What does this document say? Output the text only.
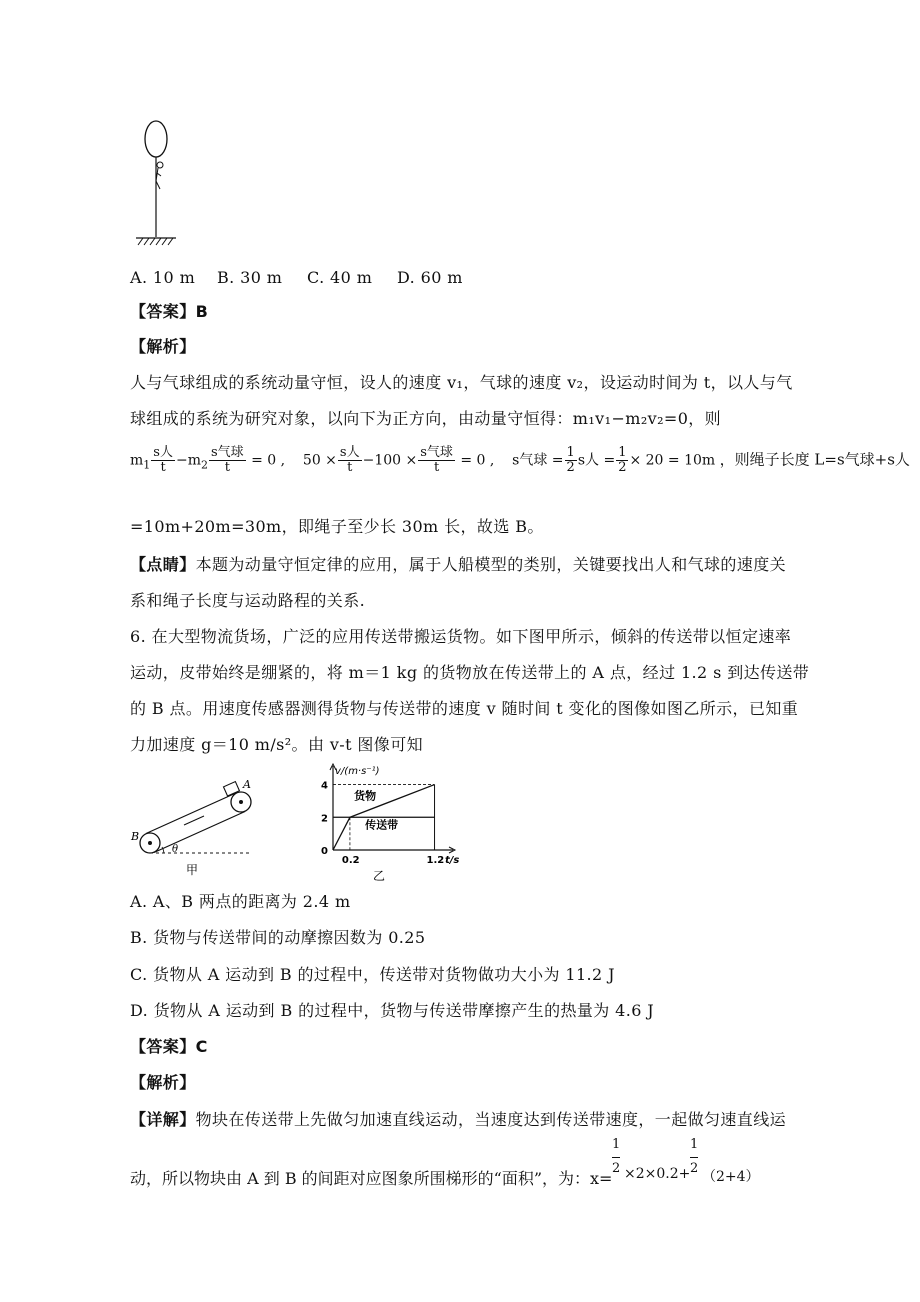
A. 10 m B. 30 m C. 40 m D. 60 m
【答案】B
【解析】
人与气球组成的系统动量守恒，设人的速度 v₁，气球的速度 v₂，设运动时间为 t，以人与气
球组成的系统为研究对象，以向下为正方向，由动量守恒得：m₁v₁−m₂v₂=0，则
$m_1 \frac{\text{s人}}{t} -m_2 \frac{\text{s气球}}{t} = 0$ , $50 \times \frac{\text{s人}}{t} -100 \times \frac{\text{s气球}}{t} = 0$ , s气球 = $\frac{1}{2}$ s人 = $\frac{1}{2} \times 20 = 10m$ ，则绳子长度 L=s气球+s人
=10m+20m=30m，即绳子至少长 30m 长，故选 B。
【点睛】本题为动量守恒定律的应用，属于人船模型的类别，关键要找出人和气球的速度关
系和绳子长度与运动路程的关系.
6. 在大型物流货场，广泛的应用传送带搬运货物。如下图甲所示，倾斜的传送带以恒定速率
运动，皮带始终是绷紧的，将 m＝1 kg 的货物放在传送带上的 A 点，经过 1.2 s 到达传送带
的 B 点。用速度传感器测得货物与传送带的速度 v 随时间 t 变化的图像如图乙所示，已知重
力加速度 g＝10 m/s²。由 v-t 图像可知
A
B
θ
甲
0
2
4
0.2	1.2
v/(m·s⁻¹)
t/s
货物
传送带
乙
A. A、B 两点的距离为 2.4 m
B. 货物与传送带间的动摩擦因数为 0.25
C. 货物从 A 运动到 B 的过程中，传送带对货物做功大小为 11.2 J
D. 货物从 A 运动到 B 的过程中，货物与传送带摩擦产生的热量为 4.6 J
【答案】C
【解析】
【详解】物块在传送带上先做匀加速直线运动，当速度达到传送带速度，一起做匀速直线运
动，所以物块由 A 到 B 的间距对应图象所围梯形的“面积”，为：x=
1
2 ×2×0.2+
1
2
（2+4）
